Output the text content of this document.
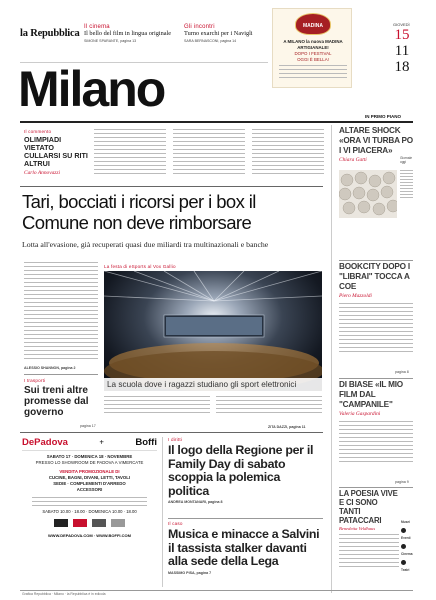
la Repubblica
Il cinema
Il bello del film in lingua originale
SIMONE SPARANTE, pagina 13
Gli incontri
Turno exarchi per i Navigli
SARA BERNASCONI, pagina 14
MADINA
A MILANO la nuova MADINA
ARTIGIANALE!
DOPO I FESTIVAL
OGGI È BELLA!
GIOVEDÌ
15
11
18
Milano	IN PRIMO PIANO
Il commento
OLIMPIADI VIETATO CULLARSI SU RITI ALTRUI
Carlo Annovazzi
Tari, bocciati i ricorsi per i box il Comune non deve rimborsare
Lotta all'evasione, già recuperati quasi due miliardi tra multinazionali e banche
ALESSIO SHANNON, pagina 2
La festa di eSports al Vox Gallio
La scuola dove i ragazzi studiano gli sport elettronici
ZITA DAZZI, pagina 11
I trasporti
Sui treni altre promesse dal governo
pagina 17
ALTARE SHOCK «ORA VI TURBA PO I VI PIACERA»
Chiara Gatti	Giornale oggi
BOOKCITY DOPO I "LIBRAI" TOCCA A COE
Piero Mazzoldi
pagina 8
DI BIASE «IL MIO FILM DAL "CAMPANILE"
Valeria Gaspardini
pagina 9
LA POESIA VIVE E CI SONO TANTI PATACCARI
Benedetta Veldhaus
Musei
Eventi
Cinema
Teatri
DePadova	+	Boffi
SABATO 17 · DOMENICA 18 · NOVEMBRE
PRESSO LO SHOWROOM DE PADOVA A VIMERCATE
VENDITA PROMOZIONALE DI
CUCINE, BAGNI, DIVANI, LETTI, TAVOLI
SEDIE · COMPLEMENTI D'ARREDO
ACCESSORI
SABATO 10.00 · 18.00 · DOMENICA 10.00 · 18.00
WWW.DEPADOVA.COM · WWW.BOFFI.COM
I diritti
Il logo della Regione per il Family Day di sabato scoppia la polemica politica
ANDREA MONTANARI, pagina 8
Il caso
Musica e minacce a Salvini il tassista stalker davanti alla sede della Lega
MASSIMO PISA, pagina 7
Grafica Repubblica · Milano · la Repubblica è in edicola
